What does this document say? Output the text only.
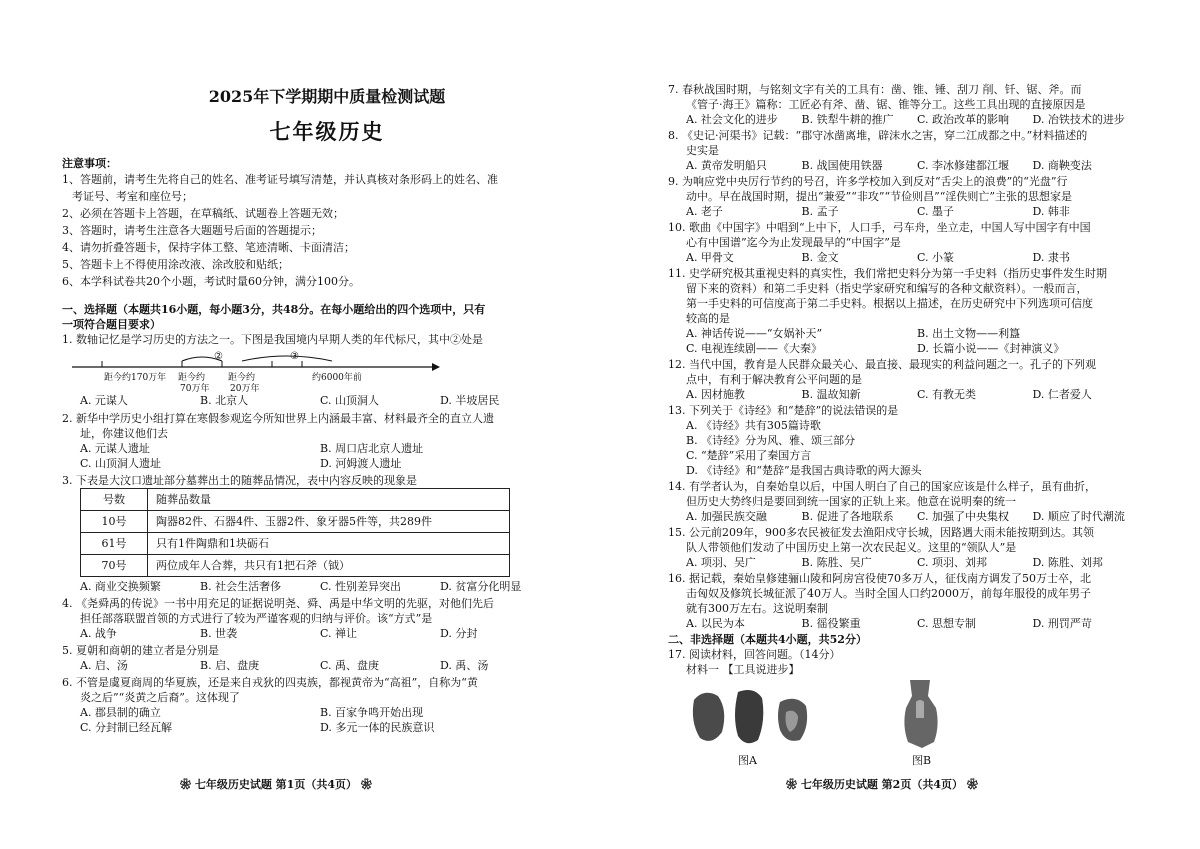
2025年下学期期中质量检测试题
七年级历史

注意事项：

1、答题前，请考生先将自己的姓名、准考证号填写清楚，并认真核对条形码上的姓名、准

考证号、考室和座位号；

2、必须在答题卡上答题，在草稿纸、试题卷上答题无效；

3、答题时，请考生注意各大题题号后面的答题提示；

4、请勿折叠答题卡，保持字体工整、笔迹清晰、卡面清洁；

5、答题卡上不得使用涂改液、涂改胶和贴纸；

6、本学科试卷共20个小题，考试时量60分钟，满分100分。

一、选择题（本题共16小题，每小题3分，共48分。在每小题给出的四个选项中，只有

一项符合题目要求）

1. 数轴记忆是学习历史的方法之一。下图是我国境内早期人类的年代标尺，其中②处是

距今约170万年
②	③
距今约
70万年
距今约
20万年
约6000年前
A. 元谋人	B. 北京人	C. 山顶洞人	D. 半坡居民

2. 新华中学历史小组打算在寒假参观迄今所知世界上内涵最丰富、材料最齐全的直立人遗

址，你建议他们去

A. 元谋人遗址	B. 周口店北京人遗址
C. 山顶洞人遗址	D. 河姆渡人遗址

3. 下表是大汶口遗址部分墓葬出土的随葬品情况，表中内容反映的现象是

号数	随葬品数量
10号	陶器82件、石器4件、玉器2件、象牙器5件等，共289件
61号	只有1件陶鼎和1块砺石
70号	两位成年人合葬，共只有1把石斧（钺）
A. 商业交换频繁	B. 社会生活奢侈	C. 性别差异突出	D. 贫富分化明显

4. 《尧舜禹的传说》一书中用充足的证据说明尧、舜、禹是中华文明的先驱，对他们先后

担任部落联盟首领的方式进行了较为严谨客观的归纳与评价。该“方式”是

A. 战争	B. 世袭	C. 禅让	D. 分封

5. 夏朝和商朝的建立者是分别是

A. 启、汤	B. 启、盘庚	C. 禹、盘庚	D. 禹、汤

6. 不管是虞夏商周的华夏族，还是来自戎狄的四夷族，都视黄帝为“高祖”，自称为“黄

炎之后”“炎黄之后裔”。这体现了

A. 郡县制的确立	B. 百家争鸣开始出现
C. 分封制已经瓦解	D. 多元一体的民族意识
❀ 七年级历史试题 第1页（共4页） ❀

7. 春秋战国时期，与铭刻文字有关的工具有：凿、锥、锤、刮刀 削、钎、锯、斧。而

《管子·海王》篇称：工匠必有斧、凿、锯、锥等分工。这些工具出现的直接原因是

A. 社会文化的进步	B. 铁犁牛耕的推广	C. 政治改革的影响	D. 冶铁技术的进步

8. 《史记·河渠书》记载：“郡守冰凿离堆，辟沫水之害，穿二江成都之中。”材料描述的

史实是

A. 黄帝发明船只	B. 战国使用铁器	C. 李冰修建都江堰	D. 商鞅变法

9. 为响应党中央厉行节约的号召，许多学校加入到反对“舌尖上的浪费”的“光盘”行

动中。早在战国时期，提出“兼爱”“非攻”“节俭则昌”“淫佚则亡”主张的思想家是

A. 老子	B. 孟子	C. 墨子	D. 韩非

10. 歌曲《中国字》中唱到“上中下，人口手，弓车舟，坐立走，中国人写中国字有中国

心有中国谱”迄今为止发现最早的“中国字”是

A. 甲骨文	B. 金文	C. 小篆	D. 隶书

11. 史学研究极其重视史料的真实性，我们常把史料分为第一手史料（指历史事件发生时期

留下来的资料）和第二手史料（指史学家研究和编写的各种文献资料）。一般而言，

第一手史料的可信度高于第二手史料。根据以上描述，在历史研究中下列选项可信度

较高的是

A. 神话传说——“女娲补天”	B. 出土文物——利簋
C. 电视连续剧——《大秦》	D. 长篇小说——《封神演义》

12. 当代中国，教育是人民群众最关心、最直接、最现实的利益问题之一。孔子的下列观

点中，有利于解决教育公平问题的是

A. 因材施教	B. 温故知新	C. 有教无类	D. 仁者爱人

13. 下列关于《诗经》和“楚辞”的说法错误的是

A. 《诗经》共有305篇诗歌

B. 《诗经》分为风、雅、颂三部分

C. “楚辞”采用了秦国方言

D. 《诗经》和“楚辞”是我国古典诗歌的两大源头

14. 有学者认为，自秦始皇以后，中国人明白了自己的国家应该是什么样子，虽有曲折，

但历史大势终归是要回到统一国家的正轨上来。他意在说明秦的统一

A. 加强民族交融	B. 促进了各地联系	C. 加强了中央集权	D. 顺应了时代潮流

15. 公元前209年，900多农民被征发去渔阳戍守长城，因路遇大雨未能按期到达。其领

队人带领他们发动了中国历史上第一次农民起义。这里的“领队人”是

A. 项羽、吴广	B. 陈胜、吴广	C. 项羽、刘邦	D. 陈胜、刘邦

16. 据记载，秦始皇修建骊山陵和阿房宫役使70多万人，征伐南方调发了50万士卒，北

击匈奴及修筑长城征派了40万人。当时全国人口约2000万，前每年服役的成年男子

就有300万左右。这说明秦制

A. 以民为本	B. 徭役繁重	C. 思想专制	D. 刑罚严苛

二、非选择题（本题共4小题，共52分）

17. 阅读材料，回答问题。（14分）

材料一 【工具说进步】

图A	图B
❀ 七年级历史试题 第2页（共4页） ❀
